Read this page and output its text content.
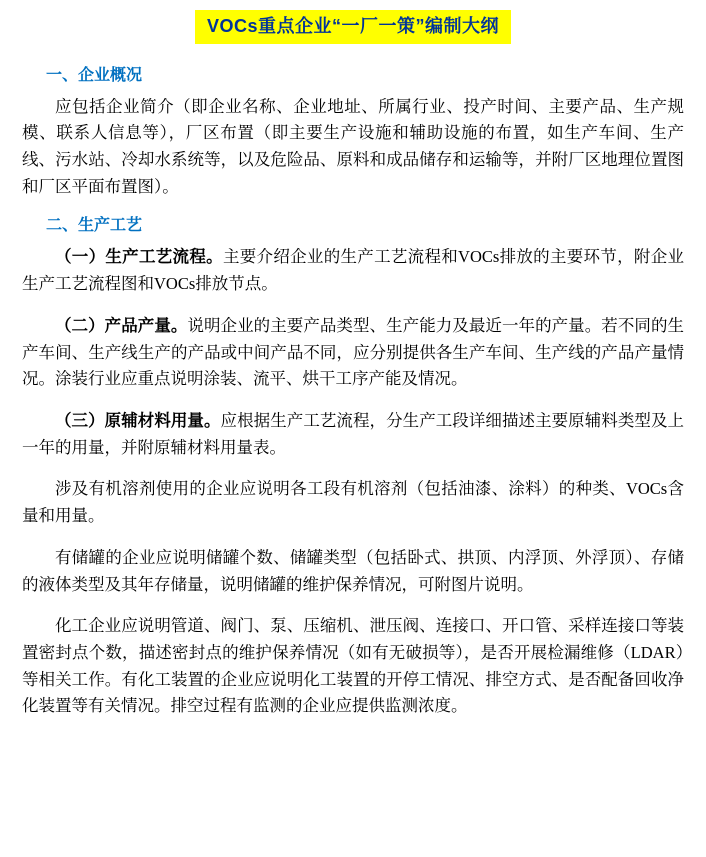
VOCs重点企业“一厂一策”编制大纲
一、企业概况

应包括企业简介（即企业名称、企业地址、所属行业、投产时间、主要产品、生产规模、联系人信息等），厂区布置（即主要生产设施和辅助设施的布置，如生产车间、生产线、污水站、冷却水系统等，以及危险品、原料和成品储存和运输等，并附厂区地理位置图和厂区平面布置图）。

二、生产工艺

（一）生产工艺流程。主要介绍企业的生产工艺流程和VOCs排放的主要环节，附企业生产工艺流程图和VOCs排放节点。

（二）产品产量。说明企业的主要产品类型、生产能力及最近一年的产量。若不同的生产车间、生产线生产的产品或中间产品不同，应分别提供各生产车间、生产线的产品产量情况。涂装行业应重点说明涂装、流平、烘干工序产能及情况。

（三）原辅材料用量。应根据生产工艺流程，分生产工段详细描述主要原辅料类型及上一年的用量，并附原辅材料用量表。

涉及有机溶剂使用的企业应说明各工段有机溶剂（包括油漆、涂料）的种类、VOCs含量和用量。

有储罐的企业应说明储罐个数、储罐类型（包括卧式、拱顶、内浮顶、外浮顶）、存储的液体类型及其年存储量，说明储罐的维护保养情况，可附图片说明。

化工企业应说明管道、阀门、泵、压缩机、泄压阀、连接口、开口管、采样连接口等装置密封点个数，描述密封点的维护保养情况（如有无破损等），是否开展检漏维修（LDAR）等相关工作。有化工装置的企业应说明化工装置的开停工情况、排空方式、是否配备回收净化装置等有关情况。排空过程有监测的企业应提供监测浓度。
